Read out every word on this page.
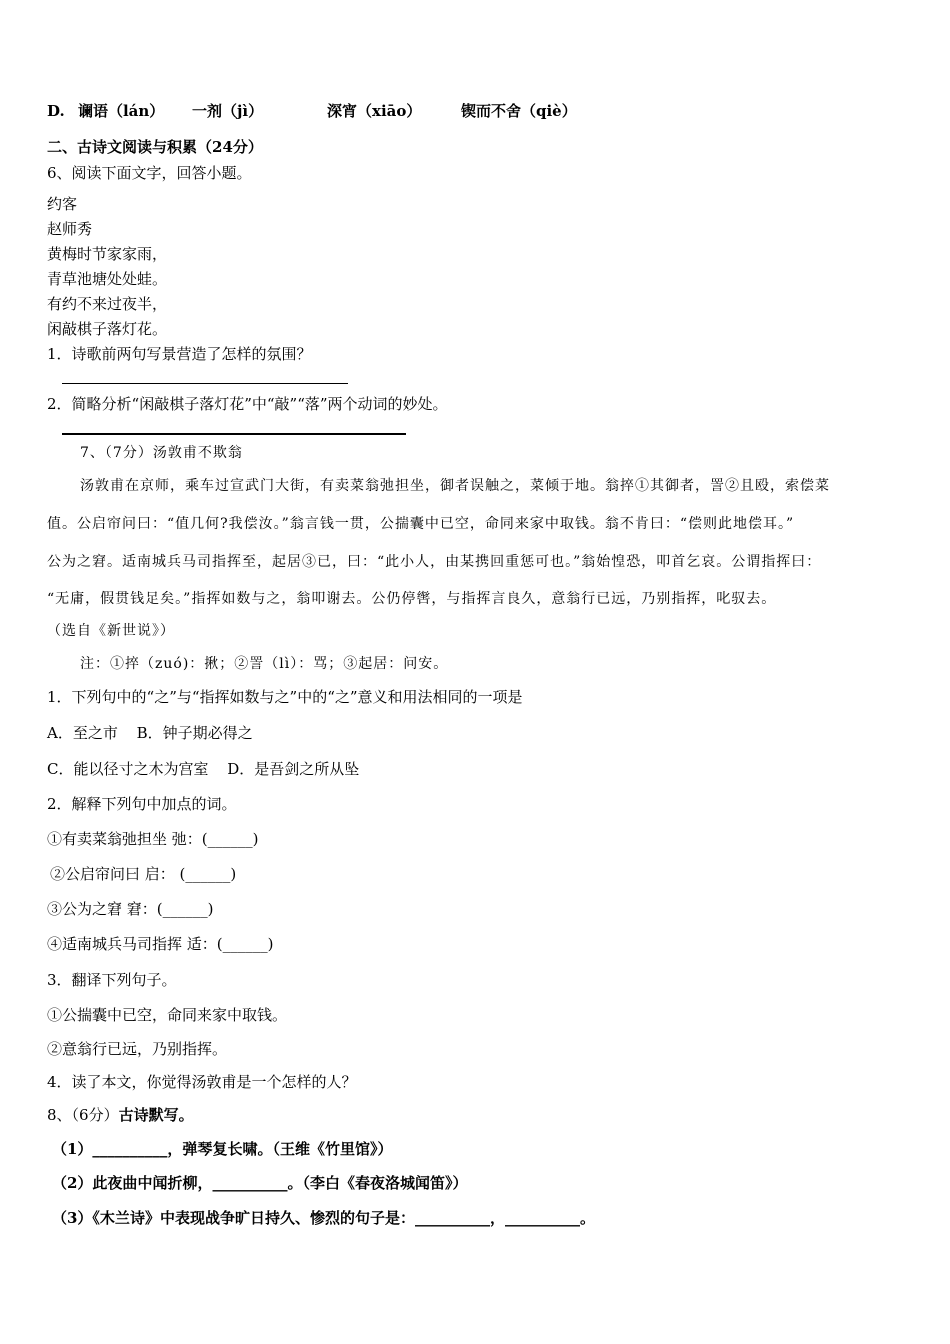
D. 谰语（lán） 一剂（jì）	深宵（xiāo）	锲而不舍（qiè）
二、古诗文阅读与积累（24分）
6、阅读下面文字，回答小题。
约客
赵师秀
黄梅时节家家雨，
青草池塘处处蛙。
有约不来过夜半，
闲敲棋子落灯花。
1．诗歌前两句写景营造了怎样的氛围？
2．简略分析“闲敲棋子落灯花”中“敲”“落”两个动词的妙处。
7、（7分）汤敦甫不欺翁
汤敦甫在京师，乘车过宣武门大街，有卖菜翁弛担坐，御者误触之，菜倾于地。翁捽①其御者，詈②且殴，索偿菜
值。公启帘问曰：“值几何?我偿汝。”翁言钱一贯，公揣囊中已空，命同来家中取钱。翁不肯曰：“偿则此地偿耳。”
公为之窘。适南城兵马司指挥至，起居③已，曰：“此小人，由某携回重惩可也。”翁始惶恐，叩首乞哀。公谓指挥曰：
“无庸，假贯钱足矣。”指挥如数与之，翁叩谢去。公仍停辔，与指挥言良久，意翁行已远，乃别指挥，叱驭去。
（选自《新世说》）
注：①捽（zuó)：揪；②詈（lì）：骂；③起居：问安。
1．下列句中的“之”与“指挥如数与之”中的“之”意义和用法相同的一项是
A．至之市 B．钟子期必得之
C．能以径寸之木为宫室 D．是吾剑之所从坠
2．解释下列句中加点的词。
①有卖菜翁弛担坐 弛：(______)
②公启帘问曰 启： (______)
③公为之窘 窘：(______)
④适南城兵马司指挥 适：(______)
3．翻译下列句子。
①公揣囊中已空，命同来家中取钱。
②意翁行已远，乃别指挥。
4．读了本文，你觉得汤敦甫是一个怎样的人？
8、（6分）古诗默写。
（1）__________，弹琴复长啸。（王维《竹里馆》）
（2）此夜曲中闻折柳，__________。（李白《春夜洛城闻笛》）
（3）《木兰诗》中表现战争旷日持久、惨烈的句子是：__________，__________。
